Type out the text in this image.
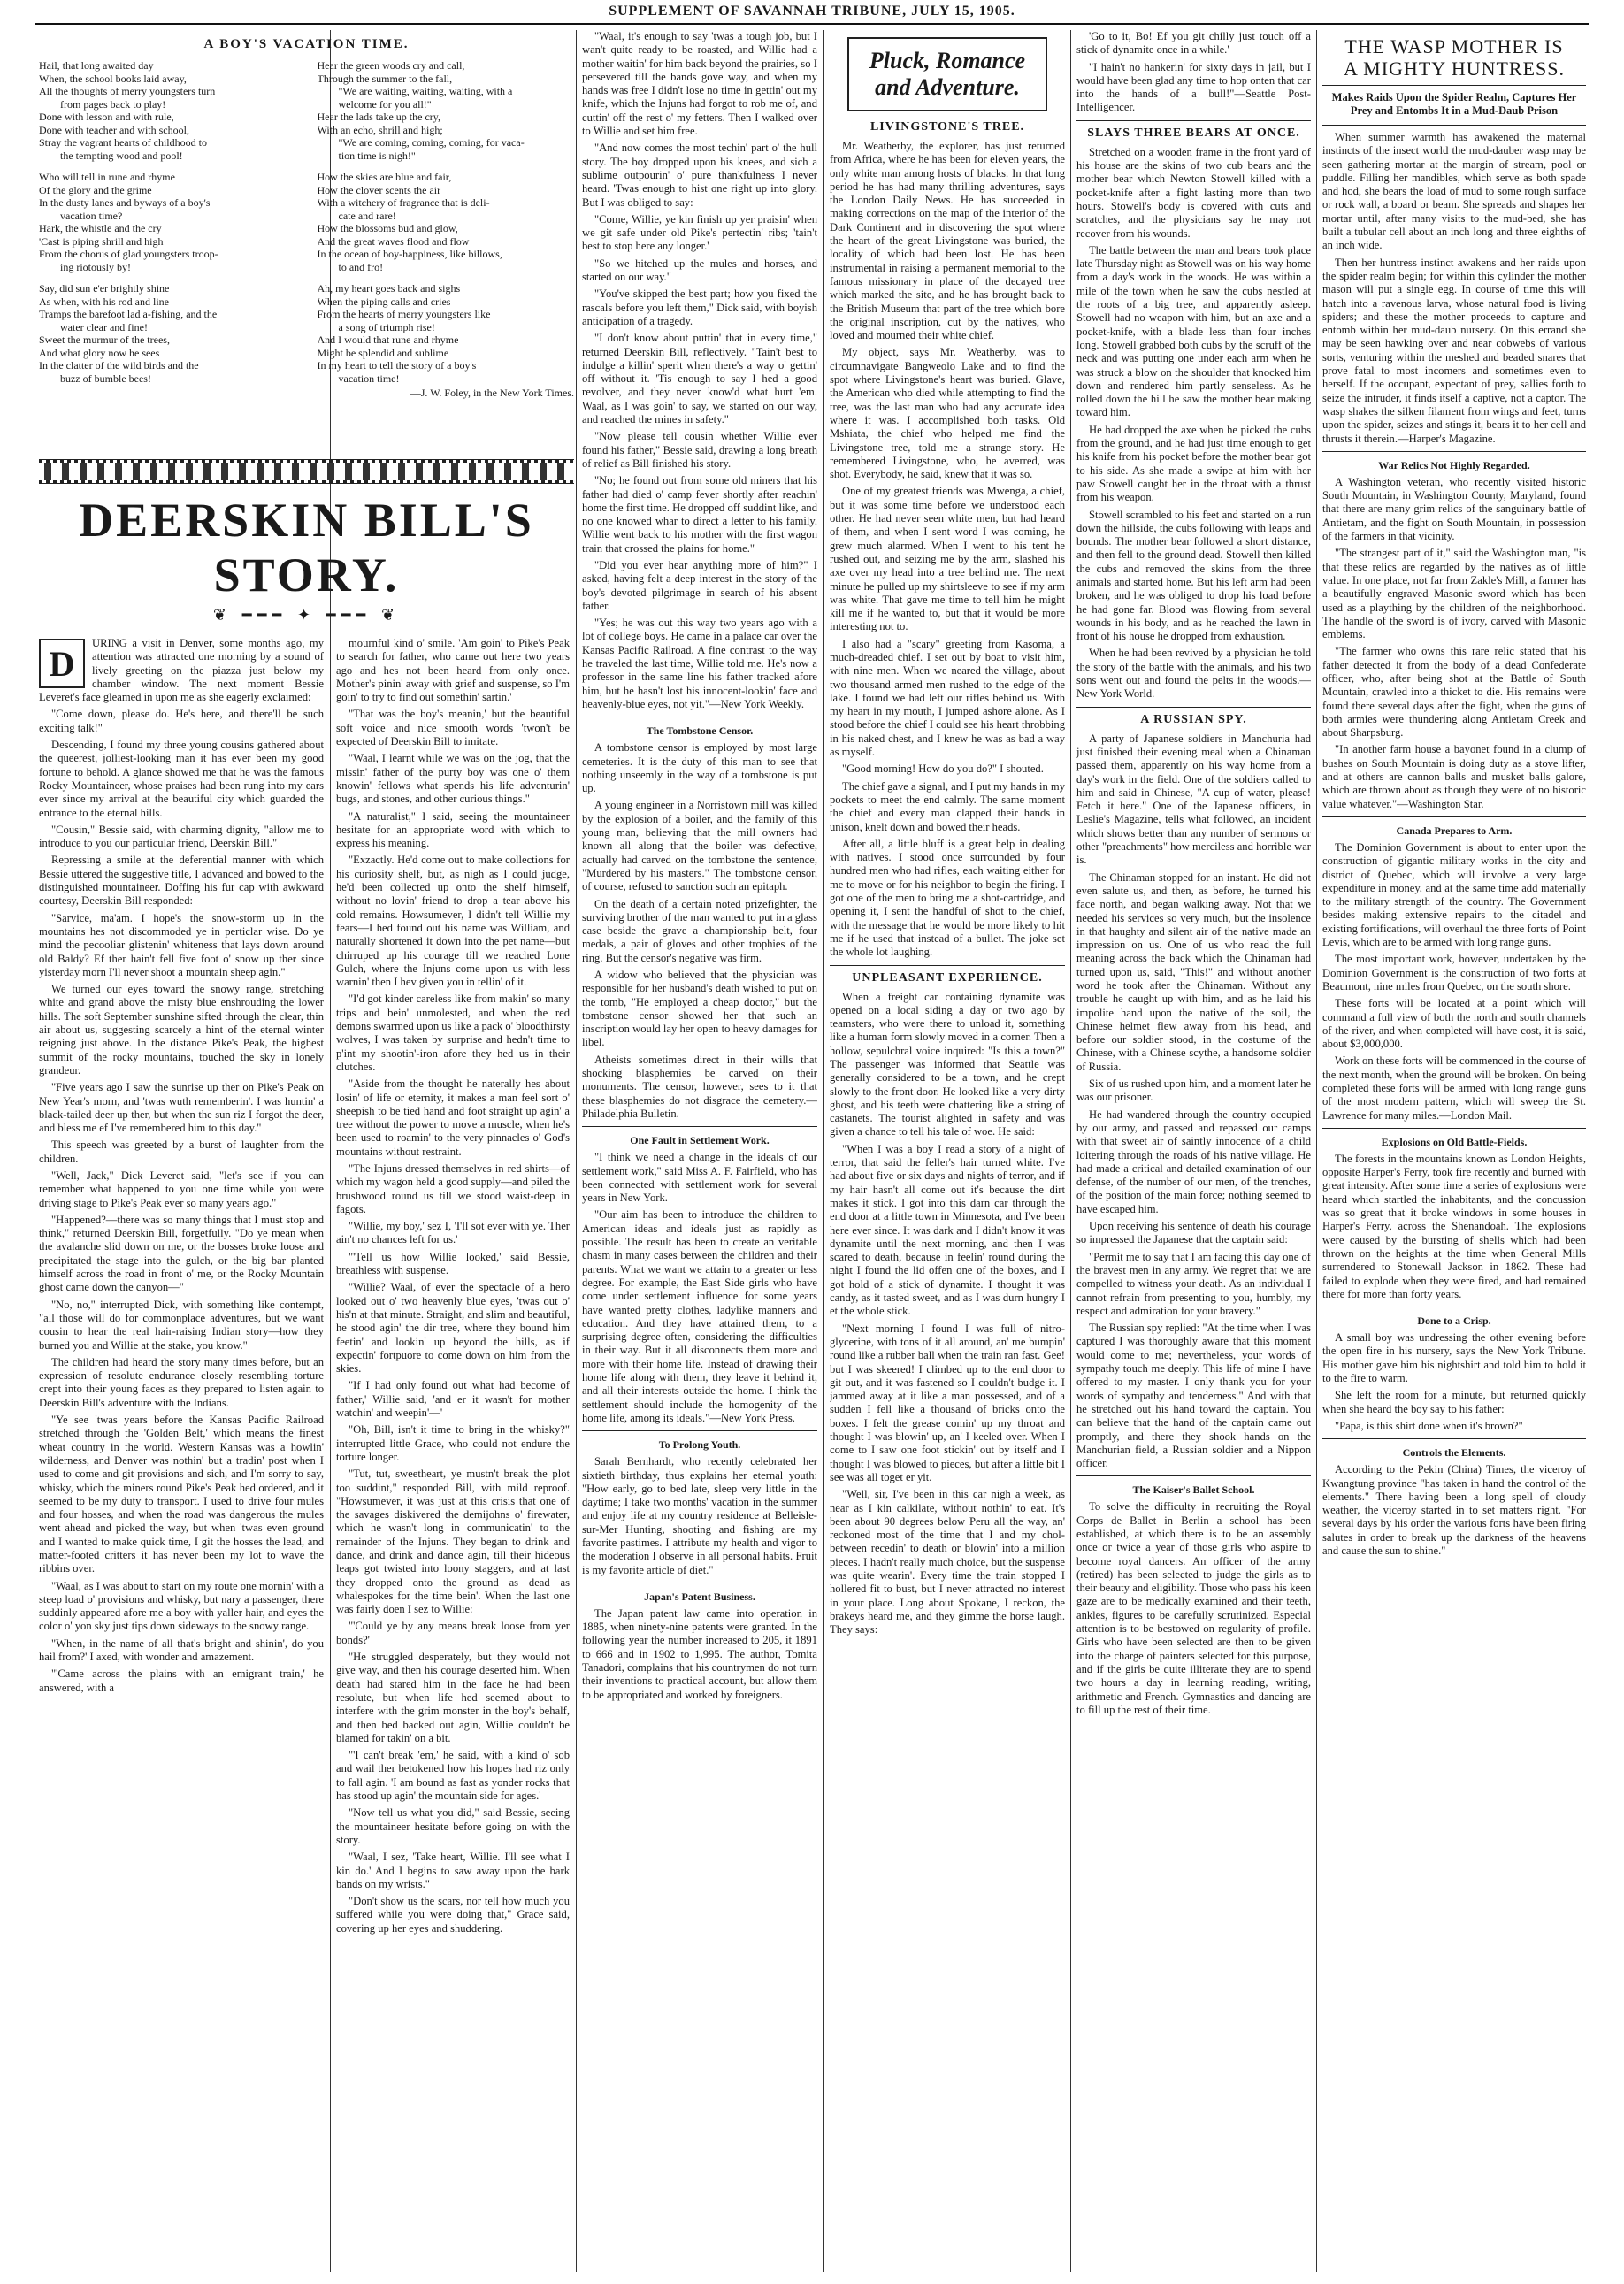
SUPPLEMENT OF SAVANNAH TRIBUNE, JULY 15, 1905.
A BOY'S VACATION TIME.
Hail, that long awaited day
When, the school books laid away,
All the thoughts of merry youngsters turn
from pages back to play!
Done with lesson and with rule,
Done with teacher and with school,
Stray the vagrant hearts of childhood to
the tempting wood and pool!
Who will tell in rune and rhyme
Of the glory and the grime
In the dusty lanes and byways of a boy's
vacation time?
Hark, the whistle and the cry
'Cast is piping shrill and high
From the chorus of glad youngsters troop-
ing riotously by!
Say, did sun e'er brightly shine
As when, with his rod and line
Tramps the barefoot lad a-fishing, and the
water clear and fine!
Sweet the murmur of the trees,
And what glory now he sees
In the clatter of the wild birds and the
buzz of bumble bees!
Hear the green woods cry and call,
Through the summer to the fall,
"We are waiting, waiting, waiting, with a
welcome for you all!"
Hear the lads take up the cry,
With an echo, shrill and high;
"We are coming, coming, coming, for vaca-
tion time is nigh!"
How the skies are blue and fair,
How the clover scents the air
With a witchery of fragrance that is deli-
cate and rare!
How the blossoms bud and glow,
And the great waves flood and flow
In the ocean of boy-happiness, like billows,
to and fro!
Ah, my heart goes back and sighs
When the piping calls and cries
From the hearts of merry youngsters like
a song of triumph rise!
And I would that rune and rhyme
Might be splendid and sublime
In my heart to tell the story of a boy's
vacation time!
—J. W. Foley, in the New York Times.
DEERSKIN BILL'S STORY.
❦ ━━━ ✦ ━━━ ❦
D

URING a visit in Denver, some months ago, my attention was attracted one morning by a sound of lively greeting on the piazza just below my chamber window. The next moment Bessie Leveret's face gleamed in upon me as she eagerly exclaimed:

"Come down, please do. He's here, and there'll be such exciting talk!"

Descending, I found my three young cousins gathered about the queerest, jolliest-looking man it has ever been my good fortune to behold. A glance showed me that he was the famous Rocky Mountaineer, whose praises had been rung into my ears ever since my arrival at the beautiful city which guarded the entrance to the eternal hills.

"Cousin," Bessie said, with charming dignity, "allow me to introduce to you our particular friend, Deerskin Bill."

Repressing a smile at the deferential manner with which Bessie uttered the suggestive title, I advanced and bowed to the distinguished mountaineer. Doffing his fur cap with awkward courtesy, Deerskin Bill responded:

"Sarvice, ma'am. I hope's the snow-storm up in the mountains hes not discommoded ye in perticlar wise. Do ye mind the pecooliar glistenin' whiteness that lays down around old Baldy? Ef ther hain't fell five foot o' snow up ther since yisterday morn I'll never shoot a mountain sheep agin."

We turned our eyes toward the snowy range, stretching white and grand above the misty blue enshrouding the lower hills. The soft September sunshine sifted through the clear, thin air about us, suggesting scarcely a hint of the eternal winter reigning just above. In the distance Pike's Peak, the highest summit of the rocky mountains, touched the sky in lonely grandeur.

"Five years ago I saw the sunrise up ther on Pike's Peak on New Year's morn, and 'twas wuth rememberin'. I was huntin' a black-tailed deer up ther, but when the sun riz I forgot the deer, and bless me ef I've remembered him to this day."

This speech was greeted by a burst of laughter from the children.

"Well, Jack," Dick Leveret said, "let's see if you can remember what happened to you one time while you were driving stage to Pike's Peak ever so many years ago."

"Happened?—there was so many things that I must stop and think," returned Deerskin Bill, forgetfully. "Do ye mean when the avalanche slid down on me, or the bosses broke loose and precipitated the stage into the gulch, or the big bar planted himself across the road in front o' me, or the Rocky Mountain ghost came down the canyon—"

"No, no," interrupted Dick, with something like contempt, "all those will do for commonplace adventures, but we want cousin to hear the real hair-raising Indian story—how they burned you and Willie at the stake, you know."

The children had heard the story many times before, but an expression of resolute endurance closely resembling torture crept into their young faces as they prepared to listen again to Deerskin Bill's adventure with the Indians.

"Ye see 'twas years before the Kansas Pacific Railroad stretched through the 'Golden Belt,' which means the finest wheat country in the world. Western Kansas was a howlin' wilderness, and Denver was nothin' but a tradin' post when I used to come and git provisions and sich, and I'm sorry to say, whisky, which the miners round Pike's Peak hed ordered, and it seemed to be my duty to transport. I used to drive four mules and four hosses, and when the road was dangerous the mules went ahead and picked the way, but when 'twas even ground and I wanted to make quick time, I git the hosses the lead, and matter-footed critters it has never been my lot to wave the ribbins over.

"Waal, as I was about to start on my route one mornin' with a steep load o' provisions and whisky, but nary a passenger, there suddinly appeared afore me a boy with yaller hair, and eyes the color o' yon sky just tips down sideways to the snowy range.

"When, in the name of all that's bright and shinin', do you hail from?' I axed, with wonder and amazement.

"'Came across the plains with an emigrant train,' he answered, with a

mournful kind o' smile. 'Am goin' to Pike's Peak to search for father, who came out here two years ago and hes not been heard from only once. Mother's pinin' away with grief and suspense, so I'm goin' to try to find out somethin' sartin.'

"That was the boy's meanin,' but the beautiful soft voice and nice smooth words 'twon't be expected of Deerskin Bill to imitate.

"Waal, I learnt while we was on the jog, that the missin' father of the purty boy was one o' them knowin' fellows what spends his life adventurin' bugs, and stones, and other curious things."

"A naturalist," I said, seeing the mountaineer hesitate for an appropriate word with which to express his meaning.

"Exzactly. He'd come out to make collections for his curiosity shelf, but, as nigh as I could judge, he'd been collected up onto the shelf himself, without no lovin' friend to drop a tear above his cold remains. Howsumever, I didn't tell Willie my fears—I hed found out his name was William, and naturally shortened it down into the pet name—but chirruped up his courage till we reached Lone Gulch, where the Injuns come upon us with less warnin' then I hev given you in tellin' of it.

"I'd got kinder careless like from makin' so many trips and bein' unmolested, and when the red demons swarmed upon us like a pack o' bloodthirsty wolves, I was taken by surprise and hedn't time to p'int my shootin'-iron afore they hed us in their clutches.

"Aside from the thought he naterally hes about losin' of life or eternity, it makes a man feel sort o' sheepish to be tied hand and foot straight up agin' a tree without the power to move a muscle, when he's been used to roamin' to the very pinnacles o' God's mountains without restraint.

"The Injuns dressed themselves in red shirts—of which my wagon held a good supply—and piled the brushwood round us till we stood waist-deep in fagots.

"Willie, my boy,' sez I, 'I'll sot ever with ye. Ther ain't no chances left for us.'

"'Tell us how Willie looked,' said Bessie, breathless with suspense.

"Willie? Waal, of ever the spectacle of a hero looked out o' two heavenly blue eyes, 'twas out o' his'n at that minute. Straight, and slim and beautiful, he stood agin' the dir tree, where they bound him feetin' and lookin' up beyond the hills, as if expectin' fortpuore to come down on him from the skies.

"If I had only found out what had become of father,' Willie said, 'and er it wasn't for mother watchin' and weepin'—'

"Oh, Bill, isn't it time to bring in the whisky?" interrupted little Grace, who could not endure the torture longer.

"Tut, tut, sweetheart, ye mustn't break the plot too suddint," responded Bill, with mild reproof. "Howsumever, it was just at this crisis that one of the savages diskivered the demijohns o' firewater, which he wasn't long in communicatin' to the remainder of the Injuns. They began to drink and dance, and drink and dance agin, till their hideous leaps got twisted into loony staggers, and at last they dropped onto the ground as dead as whalespokes for the time bein'. When the last one was fairly doen I sez to Willie:

"'Could ye by any means break loose from yer bonds?'

"He struggled desperately, but they would not give way, and then his courage deserted him. When death had stared him in the face he had been resolute, but when life hed seemed about to interfere with the grim monster in the boy's behalf, and then bed backed out agin, Willie couldn't be blamed for takin' on a bit.

"'I can't break 'em,' he said, with a kind o' sob and wail ther betokened how his hopes had riz only to fall agin. 'I am bound as fast as yonder rocks that has stood up agin' the mountain side for ages.'

"Now tell us what you did," said Bessie, seeing the mountaineer hesitate before going on with the story.

"Waal, I sez, 'Take heart, Willie. I'll see what I kin do.' And I begins to saw away upon the bark bands on my wrists."

"Don't show us the scars, nor tell how much you suffered while you were doing that," Grace said, covering up her eyes and shuddering.

"Waal, it's enough to say 'twas a tough job, but I wan't quite ready to be roasted, and Willie had a mother waitin' for him back beyond the prairies, so I persevered till the bands gove way, and when my hands was free I didn't lose no time in gettin' out my knife, which the Injuns had forgot to rob me of, and cuttin' off the rest o' my fetters. Then I walked over to Willie and set him free.

"And now comes the most techin' part o' the hull story. The boy dropped upon his knees, and sich a sublime outpourin' o' pure thankfulness I never heard. 'Twas enough to hist one right up into glory. But I was obliged to say:

"Come, Willie, ye kin finish up yer praisin' when we git safe under old Pike's pertectin' ribs; 'tain't best to stop here any longer.'

"So we hitched up the mules and horses, and started on our way."

"You've skipped the best part; how you fixed the rascals before you left them," Dick said, with boyish anticipation of a tragedy.

"I don't know about puttin' that in every time," returned Deerskin Bill, reflectively. "Tain't best to indulge a killin' sperit when there's a way o' gettin' off without it. 'Tis enough to say I hed a good revolver, and they never know'd what hurt 'em. Waal, as I was goin' to say, we started on our way, and reached the mines in safety."

"Now please tell cousin whether Willie ever found his father," Bessie said, drawing a long breath of relief as Bill finished his story.

"No; he found out from some old miners that his father had died o' camp fever shortly after reachin' home the first time. He dropped off suddint like, and no one knowed whar to direct a letter to his family. Willie went back to his mother with the first wagon train that crossed the plains for home."

"Did you ever hear anything more of him?" I asked, having felt a deep interest in the story of the boy's devoted pilgrimage in search of his absent father.

"Yes; he was out this way two years ago with a lot of college boys. He came in a palace car over the Kansas Pacific Railroad. A fine contrast to the way he traveled the last time, Willie told me. He's now a professor in the same line his father tracked afore him, but he hasn't lost his innocent-lookin' face and heavenly-blue eyes, not yit."—New York Weekly.

The Tombstone Censor.

A tombstone censor is employed by most large cemeteries. It is the duty of this man to see that nothing unseemly in the way of a tombstone is put up.

A young engineer in a Norristown mill was killed by the explosion of a boiler, and the family of this young man, believing that the mill owners had known all along that the boiler was defective, actually had carved on the tombstone the sentence, "Murdered by his masters." The tombstone censor, of course, refused to sanction such an epitaph.

On the death of a certain noted prizefighter, the surviving brother of the man wanted to put in a glass case beside the grave a championship belt, four medals, a pair of gloves and other trophies of the ring. But the censor's negative was firm.

A widow who believed that the physician was responsible for her husband's death wished to put on the tomb, "He employed a cheap doctor," but the tombstone censor showed her that such an inscription would lay her open to heavy damages for libel.

Atheists sometimes direct in their wills that shocking blasphemies be carved on their monuments. The censor, however, sees to it that these blasphemies do not disgrace the cemetery.—Philadelphia Bulletin.

One Fault in Settlement Work.

"I think we need a change in the ideals of our settlement work," said Miss A. F. Fairfield, who has been connected with settlement work for several years in New York.

"Our aim has been to introduce the children to American ideas and ideals just as rapidly as possible. The result has been to create an veritable chasm in many cases between the children and their parents. What we want we attain to a greater or less degree. For example, the East Side girls who have come under settlement influence for some years have wanted pretty clothes, ladylike manners and education. And they have attained them, to a surprising degree often, considering the difficulties in their way. But it all disconnects them more and more with their home life. Instead of drawing their home life along with them, they leave it behind it, and all their interests outside the home. I think the settlement should include the homogenity of the home life, among its ideals."—New York Press.

To Prolong Youth.

Sarah Bernhardt, who recently celebrated her sixtieth birthday, thus explains her eternal youth: "How early, go to bed late, sleep very little in the daytime; I take two months' vacation in the summer and enjoy life at my country residence at Belleisle-sur-Mer Hunting, shooting and fishing are my favorite pastimes. I attribute my health and vigor to the moderation I observe in all personal habits. Fruit is my favorite article of diet."

Japan's Patent Business.

The Japan patent law came into operation in 1885, when ninety-nine patents were granted. In the following year the number increased to 205, it 1891 to 666 and in 1902 to 1,995. The author, Tomita Tanadori, complains that his countrymen do not turn their inventions to practical account, but allow them to be appropriated and worked by foreigners.

Pluck, Romance
and Adventure.
LIVINGSTONE'S TREE.

Mr. Weatherby, the explorer, has just returned from Africa, where he has been for eleven years, the only white man among hosts of blacks. In that long period he has had many thrilling adventures, says the London Daily News. He has succeeded in making corrections on the map of the interior of the Dark Continent and in discovering the spot where the heart of the great Livingstone was buried, the locality of which had been lost. He has been instrumental in raising a permanent memorial to the famous missionary in place of the decayed tree which marked the site, and he has brought back to the British Museum that part of the tree which bore the original inscription, cut by the natives, who loved and mourned their white chief.

My object, says Mr. Weatherby, was to circumnavigate Bangweolo Lake and to find the spot where Livingstone's heart was buried. Glave, the American who died while attempting to find the tree, was the last man who had any accurate idea where it was. I accomplished both tasks. Old Mshiata, the chief who helped me find the Livingstone tree, told me a strange story. He remembered Livingstone, who, he averred, was shot. Everybody, he said, knew that it was so.

One of my greatest friends was Mwenga, a chief, but it was some time before we understood each other. He had never seen white men, but had heard of them, and when I sent word I was coming, he grew much alarmed. When I went to his tent he rushed out, and seizing me by the arm, slashed his axe over my head into a tree behind me. The next minute he pulled up my shirtsleeve to see if my arm was white. That gave me time to tell him he might kill me if he wanted to, but that it would be more interesting not to.

I also had a "scary" greeting from Kasoma, a much-dreaded chief. I set out by boat to visit him, with nine men. When we neared the village, about two thousand armed men rushed to the edge of the lake. I found we had left our rifles behind us. With my heart in my mouth, I jumped ashore alone. As I stood before the chief I could see his heart throbbing in his naked chest, and I knew he was as bad a way as myself.

"Good morning! How do you do?" I shouted.

The chief gave a signal, and I put my hands in my pockets to meet the end calmly. The same moment the chief and every man clapped their hands in unison, knelt down and bowed their heads.

After all, a little bluff is a great help in dealing with natives. I stood once surrounded by four hundred men who had rifles, each waiting either for me to move or for his neighbor to begin the firing. I got one of the men to bring me a shot-cartridge, and opening it, I sent the handful of shot to the chief, with the message that he would be more likely to hit me if he used that instead of a bullet. The joke set the whole lot laughing.

UNPLEASANT EXPERIENCE.

When a freight car containing dynamite was opened on a local siding a day or two ago by teamsters, who were there to unload it, something like a human form slowly moved in a corner. Then a hollow, sepulchral voice inquired: "Is this a town?" The passenger was informed that Seattle was generally considered to be a town, and he crept slowly to the front door. He looked like a very dirty ghost, and his teeth were chattering like a string of castanets. The tourist alighted in safety and was given a chance to tell his tale of woe. He said:

"When I was a boy I read a story of a night of terror, that said the feller's hair turned white. I've had about five or six days and nights of terror, and if my hair hasn't all come out it's because the dirt makes it stick. I got into this darn car through the end door at a little town in Minnesota, and I've been here ever since. It was dark and I didn't know it was dynamite until the next morning, and then I was scared to death, because in feelin' round during the night I found the lid offen one of the boxes, and I got hold of a stick of dynamite. I thought it was candy, as it tasted sweet, and as I was durn hungry I et the whole stick.

"Next morning I found I was full of nitro-glycerine, with tons of it all around, an' me bumpin' round like a rubber ball when the train ran fast. Gee! but I was skeered! I climbed up to the end door to git out, and it was fastened so I couldn't budge it. I jammed away at it like a man possessed, and of a sudden I fell like a thousand of bricks onto the boxes. I felt the grease comin' up my throat and thought I was blowin' up, an' I keeled over. When I come to I saw one foot stickin' out by itself and I thought I was blowed to pieces, but after a little bit I see was all toget er yit.

"Well, sir, I've been in this car nigh a week, as near as I kin calkilate, without nothin' to eat. It's been about 90 degrees below Peru all the way, an' reckoned most of the time that I and my chol-between recedin' to death or blowin' into a million pieces. I hadn't really much choice, but the suspense was quite wearin'. Every time the train stopped I hollered fit to bust, but I never attracted no interest in your place. Long about Spokane, I reckon, the brakeys heard me, and they gimme the horse laugh. They says:

'Go to it, Bo! Ef you git chilly just touch off a stick of dynamite once in a while.'

"I hain't no hankerin' for sixty days in jail, but I would have been glad any time to hop onten that car into the hands of a bull!"—Seattle Post-Intelligencer.

SLAYS THREE BEARS AT ONCE.

Stretched on a wooden frame in the front yard of his house are the skins of two cub bears and the mother bear which Newton Stowell killed with a pocket-knife after a fight lasting more than two hours. Stowell's body is covered with cuts and scratches, and the physicians say he may not recover from his wounds.

The battle between the man and bears took place late Thursday night as Stowell was on his way home from a day's work in the woods. He was within a mile of the town when he saw the cubs nestled at the roots of a big tree, and apparently asleep. Stowell had no weapon with him, but an axe and a pocket-knife, with a blade less than four inches long. Stowell grabbed both cubs by the scruff of the neck and was putting one under each arm when he was struck a blow on the shoulder that knocked him down and rendered him partly senseless. As he rolled down the hill he saw the mother bear making toward him.

He had dropped the axe when he picked the cubs from the ground, and he had just time enough to get his knife from his pocket before the mother bear got to his side. As she made a swipe at him with her paw Stowell caught her in the throat with a thrust from his weapon.

Stowell scrambled to his feet and started on a run down the hillside, the cubs following with leaps and bounds. The mother bear followed a short distance, and then fell to the ground dead. Stowell then killed the cubs and removed the skins from the three animals and started home. But his left arm had been broken, and he was obliged to drop his load before he had gone far. Blood was flowing from several wounds in his body, and as he reached the lawn in front of his house he dropped from exhaustion.

When he had been revived by a physician he told the story of the battle with the animals, and his two sons went out and found the pelts in the woods.—New York World.

A RUSSIAN SPY.

A party of Japanese soldiers in Manchuria had just finished their evening meal when a Chinaman passed them, apparently on his way home from a day's work in the field. One of the soldiers called to him and said in Chinese, "A cup of water, please! Fetch it here." One of the Japanese officers, in Leslie's Magazine, tells what followed, an incident which shows better than any number of sermons or other "preachments" how merciless and horrible war is.

The Chinaman stopped for an instant. He did not even salute us, and then, as before, he turned his face north, and began walking away. Not that we needed his services so very much, but the insolence in that haughty and silent air of the native made an impression on us. One of us who read the full meaning across the back which the Chinaman had turned upon us, said, "This!" and without another word he took after the Chinaman. Without any trouble he caught up with him, and as he laid his impolite hand upon the native of the soil, the Chinese helmet flew away from his head, and before our soldier stood, in the costume of the Chinese, with a Chinese scythe, a handsome soldier of Russia.

Six of us rushed upon him, and a moment later he was our prisoner.

He had wandered through the country occupied by our army, and passed and repassed our camps with that sweet air of saintly innocence of a child loitering through the roads of his native village. He had made a critical and detailed examination of our defense, of the number of our men, of the trenches, of the position of the main force; nothing seemed to have escaped him.

Upon receiving his sentence of death his courage so impressed the Japanese that the captain said:

"Permit me to say that I am facing this day one of the bravest men in any army. We regret that we are compelled to witness your death. As an individual I cannot refrain from presenting to you, humbly, my respect and admiration for your bravery."

The Russian spy replied: "At the time when I was captured I was thoroughly aware that this moment would come to me; nevertheless, your words of sympathy touch me deeply. This life of mine I have offered to my master. I only thank you for your words of sympathy and tenderness." And with that he stretched out his hand toward the captain. You can believe that the hand of the captain came out promptly, and there they shook hands on the Manchurian field, a Russian soldier and a Nippon officer.

The Kaiser's Ballet School.

To solve the difficulty in recruiting the Royal Corps de Ballet in Berlin a school has been established, at which there is to be an assembly once or twice a year of those girls who aspire to become royal dancers. An officer of the army (retired) has been selected to judge the girls as to their beauty and eligibility. Those who pass his keen gaze are to be medically examined and their teeth, ankles, figures to be carefully scrutinized. Especial attention is to be bestowed on regularity of profile. Girls who have been selected are then to be given into the charge of painters selected for this purpose, and if the girls be quite illiterate they are to spend two hours a day in learning reading, writing, arithmetic and French. Gymnastics and dancing are to fill up the rest of their time.

THE WASP MOTHER IS
A MIGHTY HUNTRESS.
Makes Raids Upon the Spider Realm, Captures Her Prey and Entombs It in a Mud-Daub Prison

When summer warmth has awakened the maternal instincts of the insect world the mud-dauber wasp may be seen gathering mortar at the margin of stream, pool or puddle. Filling her mandibles, which serve as both spade and hod, she bears the load of mud to some rough surface or rock wall, a board or beam. She spreads and shapes her mortar until, after many visits to the mud-bed, she has built a tubular cell about an inch long and three eighths of an inch wide.

Then her huntress instinct awakens and her raids upon the spider realm begin; for within this cylinder the mother mason will put a single egg. In course of time this will hatch into a ravenous larva, whose natural food is living spiders; and these the mother proceeds to capture and entomb within her mud-daub nursery. On this errand she may be seen hawking over and near cobwebs of various sorts, venturing within the meshed and beaded snares that prove fatal to most incomers and sometimes even to herself. If the occupant, expectant of prey, sallies forth to seize the intruder, it finds itself a captive, not a captor. The wasp shakes the silken filament from wings and feet, turns upon the spider, seizes and stings it, bears it to her cell and thrusts it therein.—Harper's Magazine.

War Relics Not Highly Regarded.

A Washington veteran, who recently visited historic South Mountain, in Washington County, Maryland, found that there are many grim relics of the sanguinary battle of Antietam, and the fight on South Mountain, in possession of the farmers in that vicinity.

"The strangest part of it," said the Washington man, "is that these relics are regarded by the natives as of little value. In one place, not far from Zakle's Mill, a farmer has a beautifully engraved Masonic sword which has been used as a plaything by the children of the neighborhood. The handle of the sword is of ivory, carved with Masonic emblems.

"The farmer who owns this rare relic stated that his father detected it from the body of a dead Confederate officer, who, after being shot at the Battle of South Mountain, crawled into a thicket to die. His remains were found there several days after the fight, when the guns of both armies were thundering along Antietam Creek and about Sharpsburg.

"In another farm house a bayonet found in a clump of bushes on South Mountain is doing duty as a stove lifter, and at others are cannon balls and musket balls galore, which are thrown about as though they were of no historic value whatever."—Washington Star.

Canada Prepares to Arm.

The Dominion Government is about to enter upon the construction of gigantic military works in the city and district of Quebec, which will involve a very large expenditure in money, and at the same time add materially to the military strength of the country. The Government besides making extensive repairs to the citadel and existing fortifications, will overhaul the three forts of Point Levis, which are to be armed with long range guns.

The most important work, however, undertaken by the Dominion Government is the construction of two forts at Beaumont, nine miles from Quebec, on the south shore.

These forts will be located at a point which will command a full view of both the north and south channels of the river, and when completed will have cost, it is said, about $3,000,000.

Work on these forts will be commenced in the course of the next month, when the ground will be broken. On being completed these forts will be armed with long range guns of the most modern pattern, which will sweep the St. Lawrence for many miles.—London Mail.

Explosions on Old Battle-Fields.

The forests in the mountains known as London Heights, opposite Harper's Ferry, took fire recently and burned with great intensity. After some time a series of explosions were heard which startled the inhabitants, and the concussion was so great that it broke windows in some houses in Harper's Ferry, across the Shenandoah. The explosions were caused by the bursting of shells which had been thrown on the heights at the time when General Mills surrendered to Stonewall Jackson in 1862. These had failed to explode when they were fired, and had remained there for more than forty years.

Done to a Crisp.

A small boy was undressing the other evening before the open fire in his nursery, says the New York Tribune. His mother gave him his nightshirt and told him to hold it to the fire to warm.

She left the room for a minute, but returned quickly when she heard the boy say to his father:

"Papa, is this shirt done when it's brown?"

Controls the Elements.

According to the Pekin (China) Times, the viceroy of Kwangtung province "has taken in hand the control of the elements." There having been a long spell of cloudy weather, the viceroy started in to set matters right. "For several days by his order the various forts have been firing salutes in order to break up the darkness of the heavens and cause the sun to shine."
